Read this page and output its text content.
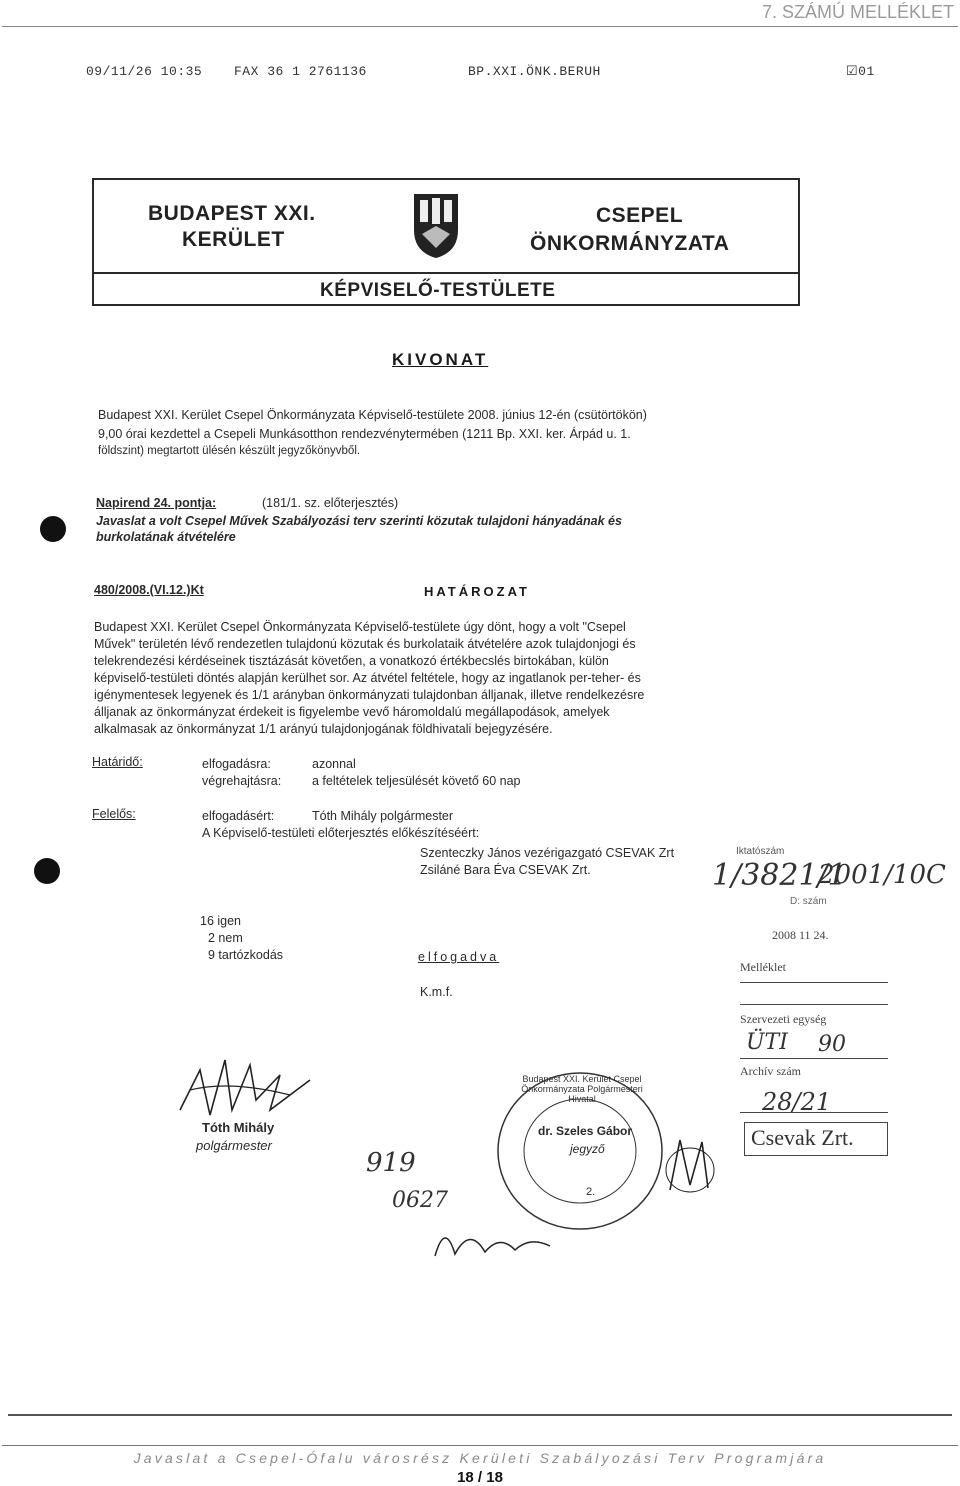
7. SZÁMÚ MELLÉKLET
09/11/26 10:35 FAX 36 1 2761136	BP.XXI.ÖNK.BERUH	☑01
BUDAPEST XXI.
KERÜLET
CSEPEL
ÖNKORMÁNYZATA
KÉPVISELŐ-TESTÜLETE
KIVONAT
Budapest XXI. Kerület Csepel Önkormányzata Képviselő-testülete 2008. június 12-én (csütörtökön)
9,00 órai kezdettel a Csepeli Munkásotthon rendezvénytermében (1211 Bp. XXI. ker. Árpád u. 1.
földszint) megtartott ülésén készült jegyzőkönyvből.
Napirend 24. pontja:	(181/1. sz. előterjesztés)
Javaslat a volt Csepel Művek Szabályozási terv szerinti közutak tulajdoni hányadának és
burkolatának átvételére
480/2008.(VI.12.)Kt	HATÁROZAT
Budapest XXI. Kerület Csepel Önkormányzata Képviselő-testülete úgy dönt, hogy a volt "Csepel
Művek" területén lévő rendezetlen tulajdonú közutak és burkolataik átvételére azok tulajdonjogi és
telekrendezési kérdéseinek tisztázását követően, a vonatkozó értékbecslés birtokában, külön
képviselő-testületi döntés alapján kerülhet sor. Az átvétel feltétele, hogy az ingatlanok per-teher- és
igénymentesek legyenek és 1/1 arányban önkormányzati tulajdonban álljanak, illetve rendelkezésre
álljanak az önkormányzat érdekeit is figyelembe vevő háromoldalú megállapodások, amelyek
alkalmasak az önkormányzat 1/1 arányú tulajdonjogának földhivatali bejegyzésére.
Határidő:	elfogadásra:	azonnal
végrehajtásra: a feltételek teljesülését követő 60 nap
Felelős:	elfogadásért:	Tóth Mihály polgármester
A Képviselő-testületi előterjesztés előkészítéséért:
Szenteczky János vezérigazgató CSEVAK Zrt
Zsiláné Bara Éva CSEVAK Zrt.
16 igen
2 nem
9 tartózkodás	elfogadva
K.m.f.
Iktatószám
1/3821/1
2001/10C
D: szám
2008 11 24.
Melléklet
Szervezeti egység
ÜTI 90
Archív szám
28/21
Csevak Zrt.
Tóth Mihály
polgármester
Budapest XXI. Kerület Csepel Önkormányzata Polgármesteri Hivatal
dr. Szeles Gábor
jegyző
2.
919
0627
Javaslat a Csepel-Ófalu városrész Kerületi Szabályozási Terv Programjára
18 / 18
